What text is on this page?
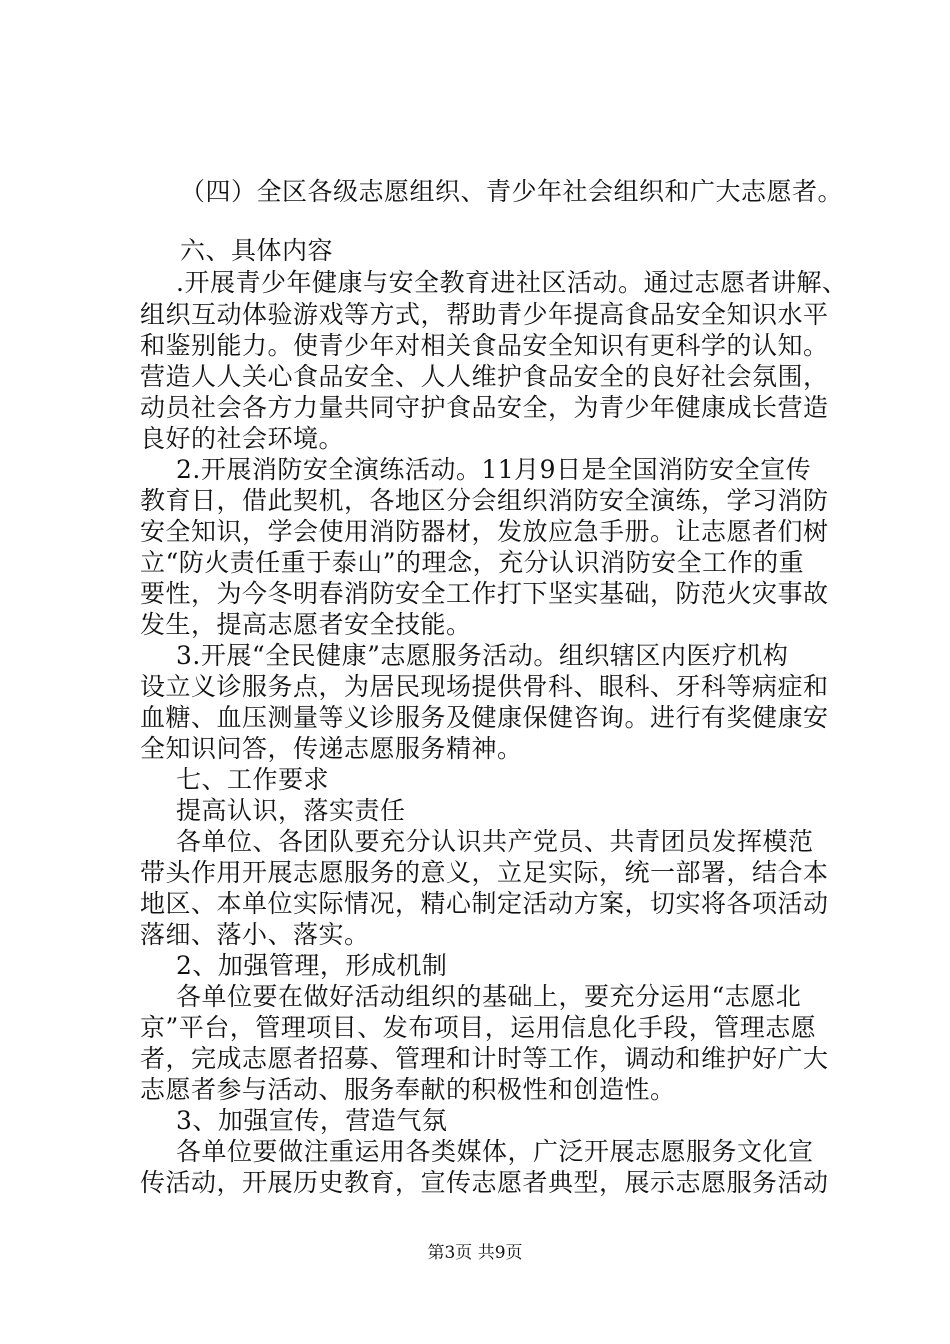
（四）全区各级志愿组织、青少年社会组织和广大志愿者。
六、具体内容
.开展青少年健康与安全教育进社区活动。通过志愿者讲解、
组织互动体验游戏等方式，帮助青少年提高食品安全知识水平
和鉴别能力。使青少年对相关食品安全知识有更科学的认知。
营造人人关心食品安全、人人维护食品安全的良好社会氛围，
动员社会各方力量共同守护食品安全，为青少年健康成长营造
良好的社会环境。
2.开展消防安全演练活动。11月9日是全国消防安全宣传
教育日，借此契机，各地区分会组织消防安全演练，学习消防
安全知识，学会使用消防器材，发放应急手册。让志愿者们树
立“防火责任重于泰山”的理念，充分认识消防安全工作的重
要性，为今冬明春消防安全工作打下坚实基础，防范火灾事故
发生，提高志愿者安全技能。
3.开展“全民健康”志愿服务活动。组织辖区内医疗机构
设立义诊服务点，为居民现场提供骨科、眼科、牙科等病症和
血糖、血压测量等义诊服务及健康保健咨询。进行有奖健康安
全知识问答，传递志愿服务精神。
七、工作要求
提高认识，落实责任
各单位、各团队要充分认识共产党员、共青团员发挥模范
带头作用开展志愿服务的意义，立足实际，统一部署，结合本
地区、本单位实际情况，精心制定活动方案，切实将各项活动
落细、落小、落实。
2、加强管理，形成机制
各单位要在做好活动组织的基础上，要充分运用“志愿北
京”平台，管理项目、发布项目，运用信息化手段，管理志愿
者，完成志愿者招募、管理和计时等工作，调动和维护好广大
志愿者参与活动、服务奉献的积极性和创造性。
3、加强宣传，营造气氛
各单位要做注重运用各类媒体，广泛开展志愿服务文化宣
传活动，开展历史教育，宣传志愿者典型，展示志愿服务活动
第3页 共9页
